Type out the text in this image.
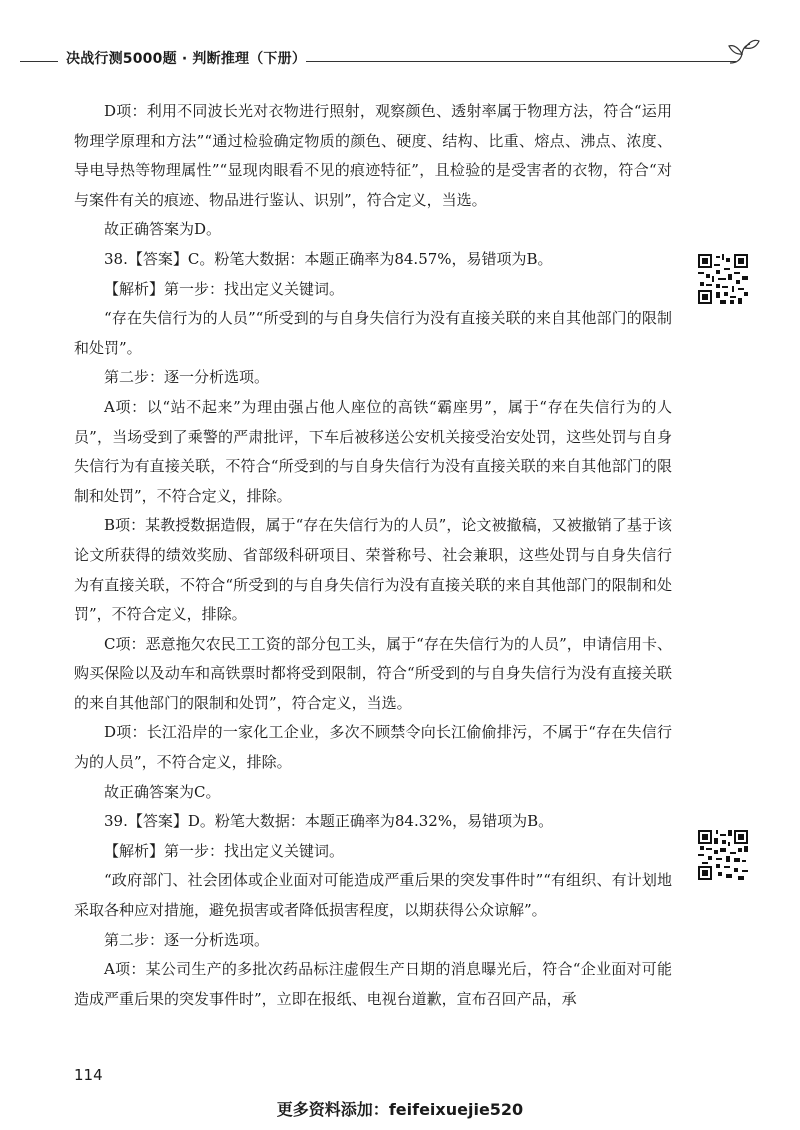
决战行测5000题 · 判断推理（下册）

D项：利用不同波长光对衣物进行照射，观察颜色、透射率属于物理方法，符合“运用物理学原理和方法”“通过检验确定物质的颜色、硬度、结构、比重、熔点、沸点、浓度、导电导热等物理属性”“显现肉眼看不见的痕迹特征”，且检验的是受害者的衣物，符合“对与案件有关的痕迹、物品进行鉴认、识别”，符合定义，当选。

故正确答案为D。

38.【答案】C。粉笔大数据：本题正确率为84.57%，易错项为B。

【解析】第一步：找出定义关键词。

“存在失信行为的人员”“所受到的与自身失信行为没有直接关联的来自其他部门的限制和处罚”。

第二步：逐一分析选项。

A项：以“站不起来”为理由强占他人座位的高铁“霸座男”，属于“存在失信行为的人员”，当场受到了乘警的严肃批评，下车后被移送公安机关接受治安处罚，这些处罚与自身失信行为有直接关联，不符合“所受到的与自身失信行为没有直接关联的来自其他部门的限制和处罚”，不符合定义，排除。

B项：某教授数据造假，属于“存在失信行为的人员”，论文被撤稿，又被撤销了基于该论文所获得的绩效奖励、省部级科研项目、荣誉称号、社会兼职，这些处罚与自身失信行为有直接关联，不符合“所受到的与自身失信行为没有直接关联的来自其他部门的限制和处罚”，不符合定义，排除。

C项：恶意拖欠农民工工资的部分包工头，属于“存在失信行为的人员”，申请信用卡、购买保险以及动车和高铁票时都将受到限制，符合“所受到的与自身失信行为没有直接关联的来自其他部门的限制和处罚”，符合定义，当选。

D项：长江沿岸的一家化工企业，多次不顾禁令向长江偷偷排污，不属于“存在失信行为的人员”，不符合定义，排除。

故正确答案为C。

39.【答案】D。粉笔大数据：本题正确率为84.32%，易错项为B。

【解析】第一步：找出定义关键词。

“政府部门、社会团体或企业面对可能造成严重后果的突发事件时”“有组织、有计划地采取各种应对措施，避免损害或者降低损害程度，以期获得公众谅解”。

第二步：逐一分析选项。

A项：某公司生产的多批次药品标注虚假生产日期的消息曝光后，符合“企业面对可能造成严重后果的突发事件时”，立即在报纸、电视台道歉，宣布召回产品，承

114
更多资料添加：feifeixuejie520
